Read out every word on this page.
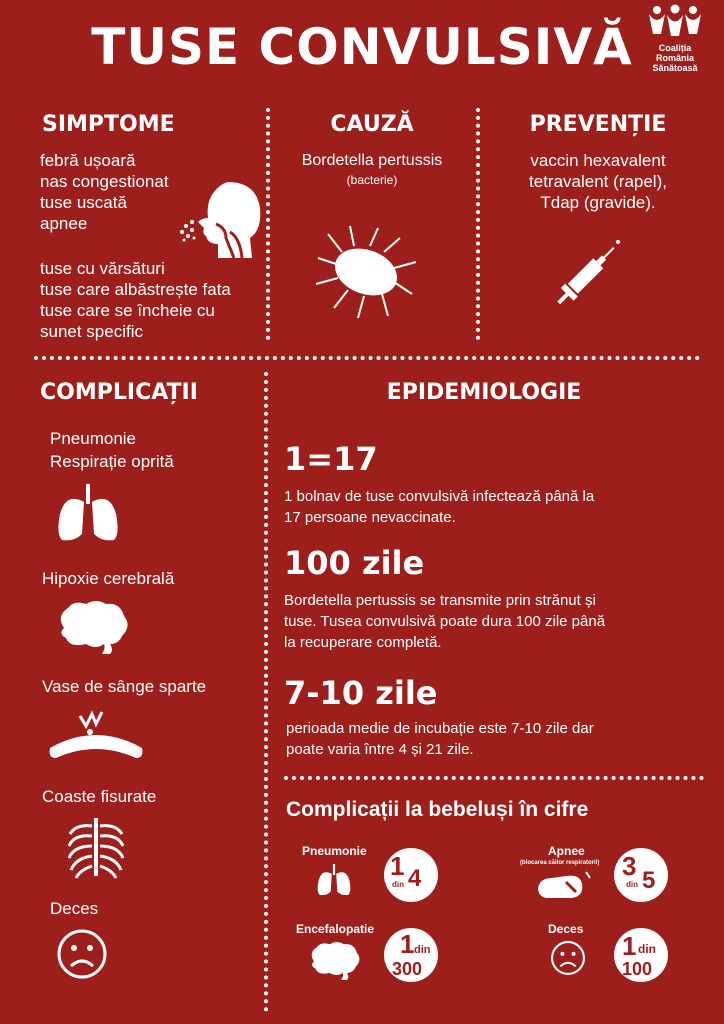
TUSE CONVULSIVĂ	Coaliția
România
Sănătoasă
SIMPTOME
febră ușoară
nas congestionat
tuse uscată
apnee
tuse cu vărsături
tuse care albăstrește fata
tuse care se încheie cu
sunet specific
CAUZĂ
Bordetella pertussis
(bacterie)
PREVENȚIE
vaccin hexavalent
tetravalent (rapel),
Tdap (gravide).
COMPLICAȚII
Pneumonie
Respirație oprită
Hipoxie cerebrală
Vase de sânge sparte
Coaste fisurate
Deces
EPIDEMIOLOGIE
1=17
1 bolnav de tuse convulsivă infectează până la
17 persoane nevaccinate.
100 zile
Bordetella pertussis se transmite prin strănut și
tuse. Tusea convulsivă poate dura 100 zile până
la recuperare completă.
7-10 zile
perioada medie de incubație este 7-10 zile dar
poate varia între 4 și 21 zile.
Complicații la bebeluși în cifre
Pneumonie 1
din 4
Apnee
(blocarea căilor respiratorii) 3
din 5
Encefalopatie 1 din
300
Deces
1 din
100
